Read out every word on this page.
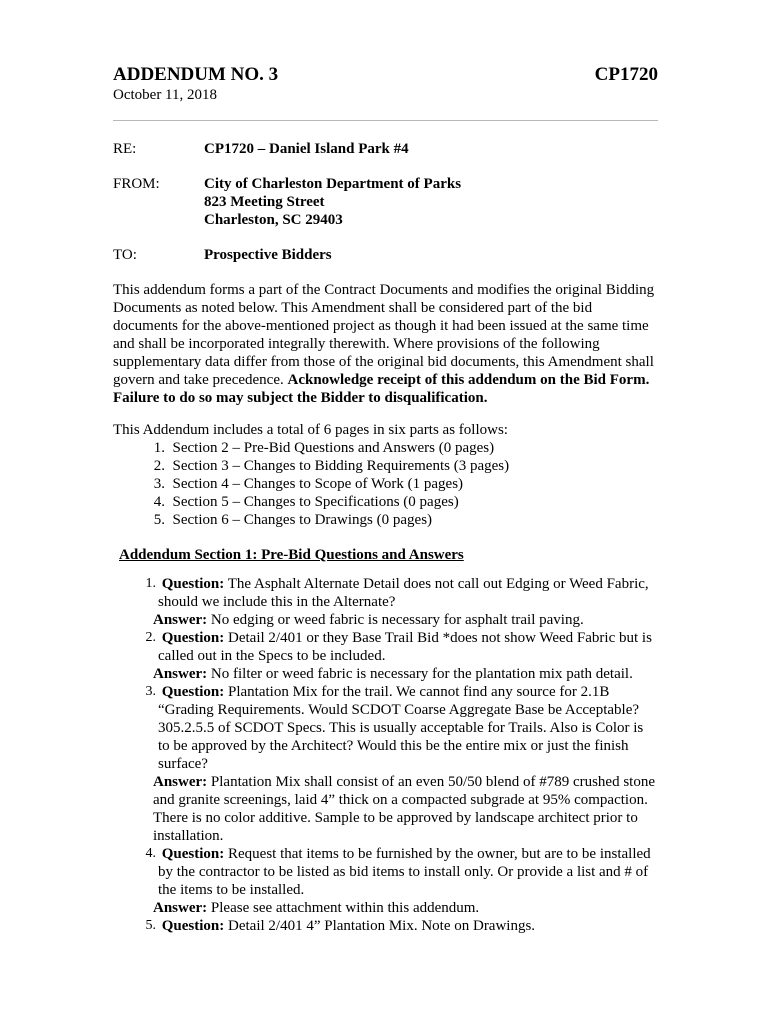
ADDENDUM NO. 3	CP1720
October 11, 2018
RE:	CP1720 – Daniel Island Park #4
FROM:	City of Charleston Department of Parks
823 Meeting Street
Charleston, SC 29403
TO:	Prospective Bidders

This addendum forms a part of the Contract Documents and modifies the original Bidding Documents as noted below. This Amendment shall be considered part of the bid documents for the above-mentioned project as though it had been issued at the same time and shall be incorporated integrally therewith. Where provisions of the following supplementary data differ from those of the original bid documents, this Amendment shall govern and take precedence. Acknowledge receipt of this addendum on the Bid Form. Failure to do so may subject the Bidder to disqualification.

This Addendum includes a total of 6 pages in six parts as follows:
1. Section 2 – Pre-Bid Questions and Answers (0 pages)
2. Section 3 – Changes to Bidding Requirements (3 pages)
3. Section 4 – Changes to Scope of Work (1 pages)
4. Section 5 – Changes to Specifications (0 pages)
5. Section 6 – Changes to Drawings (0 pages)
Addendum Section 1: Pre-Bid Questions and Answers
1. Question: The Asphalt Alternate Detail does not call out Edging or Weed Fabric, should we include this in the Alternate?
Answer: No edging or weed fabric is necessary for asphalt trail paving.
2. Question: Detail 2/401 or they Base Trail Bid *does not show Weed Fabric but is called out in the Specs to be included.
Answer: No filter or weed fabric is necessary for the plantation mix path detail.
3. Question: Plantation Mix for the trail. We cannot find any source for 2.1B “Grading Requirements. Would SCDOT Coarse Aggregate Base be Acceptable? 305.2.5.5 of SCDOT Specs. This is usually acceptable for Trails. Also is Color is to be approved by the Architect? Would this be the entire mix or just the finish surface?
Answer: Plantation Mix shall consist of an even 50/50 blend of #789 crushed stone and granite screenings, laid 4” thick on a compacted subgrade at 95% compaction. There is no color additive. Sample to be approved by landscape architect prior to installation.
4. Question: Request that items to be furnished by the owner, but are to be installed by the contractor to be listed as bid items to install only. Or provide a list and # of the items to be installed.
Answer: Please see attachment within this addendum.
5. Question: Detail 2/401 4” Plantation Mix. Note on Drawings.
